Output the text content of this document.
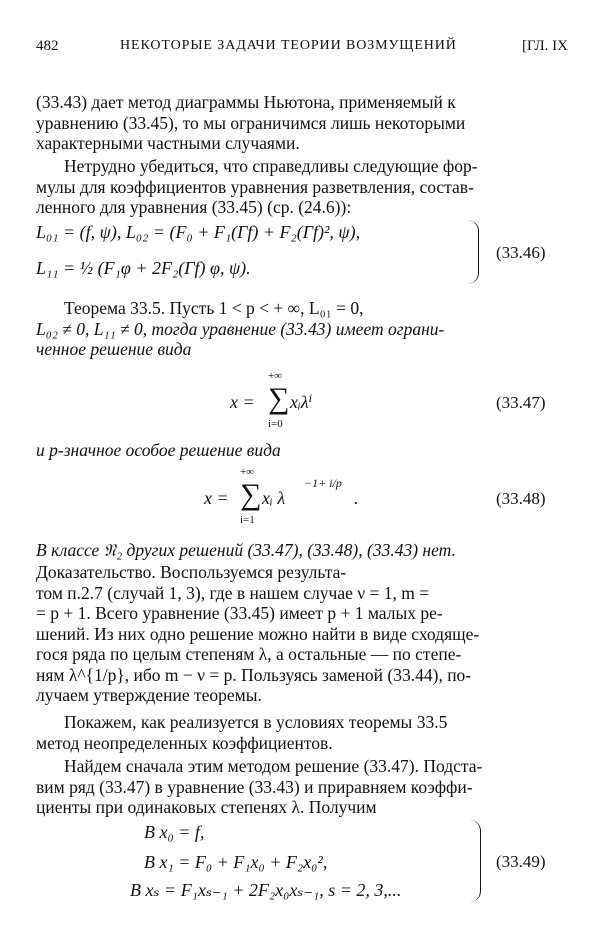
482	НЕКОТОРЫЕ ЗАДАЧИ ТЕОРИИ ВОЗМУЩЕНИЙ	[ГЛ. IX
(33.43) дает метод диаграммы Ньютона, применяемый к
уравнению (33.45), то мы ограничимся лишь некоторыми
характерными частными случаями.
Нетрудно убедиться, что справедливы следующие фор-
мулы для коэффициентов уравнения разветвления, состав-
ленного для уравнения (33.45) (ср. (24.6)):
L₀₁ = (f, ψ), L₀₂ = (F₀ + F₁(Γf) + F₂(Γf)², ψ),
L₁₁ = ½ (F₁φ + 2F₂(Γf) φ, ψ).
(33.46)
Теорема 33.5. Пусть 1 < p < + ∞, L₀₁ = 0,
L₀₂ ≠ 0, L₁₁ ≠ 0, тогда уравнение (33.43) имеет ограни-
ченное решение вида
x =
+∞
∑
i=0
xᵢλⁱ	(33.47)
и p-значное особое решение вида
x =
+∞
∑
i=1
xᵢ λ
−1+ i/p
.	(33.48)
В классе 𝔑₂ других решений (33.47), (33.48), (33.43) нет.
Доказательство. Воспользуемся результа-
том п.2.7 (случай 1, 3), где в нашем случае ν = 1, m =
= p + 1. Всего уравнение (33.45) имеет p + 1 малых ре-
шений. Из них одно решение можно найти в виде сходяще-
гося ряда по целым степеням λ, а остальные — по степе-
ням λ^{1/p}, ибо m − ν = p. Пользуясь заменой (33.44), по-
лучаем утверждение теоремы.
Покажем, как реализуется в условиях теоремы 33.5
метод неопределенных коэффициентов.
Найдем сначала этим методом решение (33.47). Подста-
вим ряд (33.47) в уравнение (33.43) и приравняем коэффи-
циенты при одинаковых степенях λ. Получим
B x₀ = f,
B x₁ = F₀ + F₁x₀ + F₂x₀²,
B xₛ = F₁xₛ₋₁ + 2F₂x₀xₛ₋₁, s = 2, 3,...
(33.49)
